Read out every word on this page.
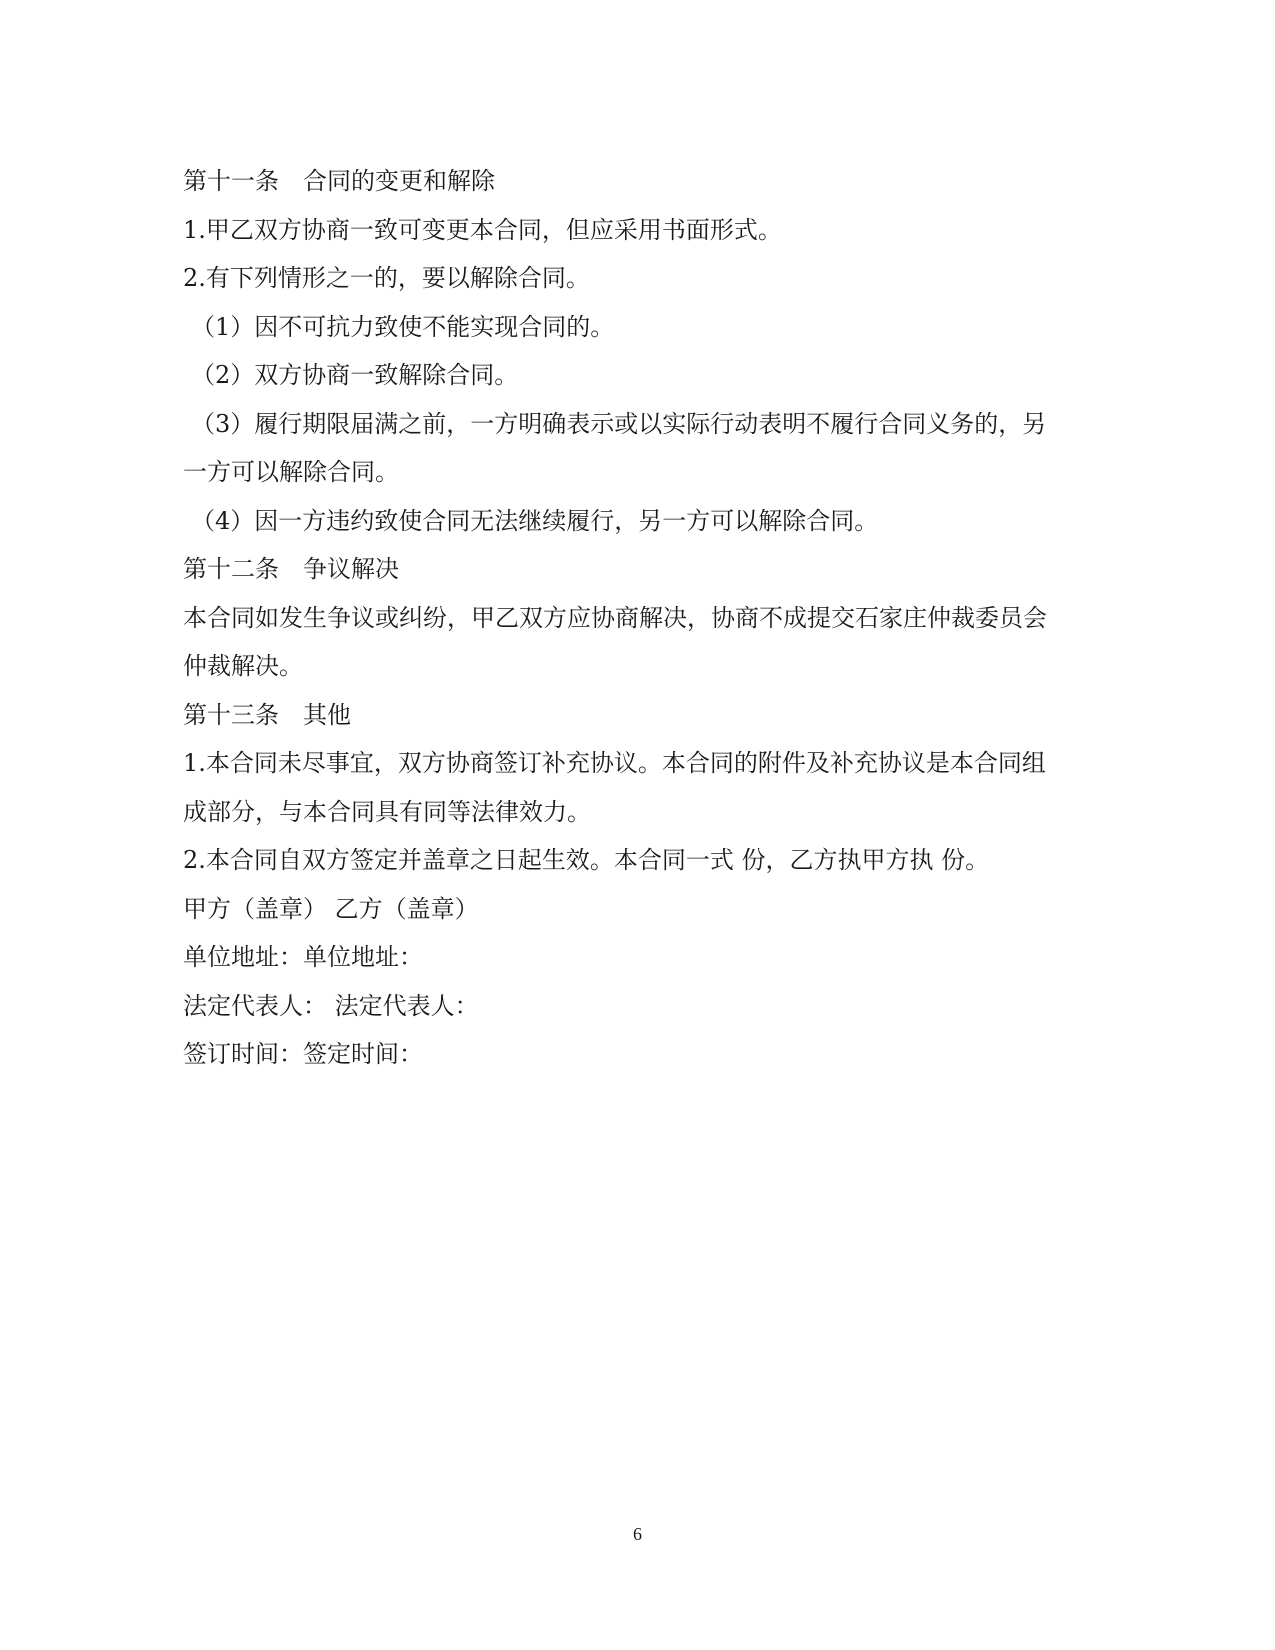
第十一条　合同的变更和解除
1.甲乙双方协商一致可变更本合同，但应采用书面形式。
2.有下列情形之一的，要以解除合同。
（1）因不可抗力致使不能实现合同的。
（2）双方协商一致解除合同。
（3）履行期限届满之前，一方明确表示或以实际行动表明不履行合同义务的，另
一方可以解除合同。
（4）因一方违约致使合同无法继续履行，另一方可以解除合同。
第十二条　争议解决
本合同如发生争议或纠纷，甲乙双方应协商解决，协商不成提交石家庄仲裁委员会
仲裁解决。
第十三条　其他
1.本合同未尽事宜，双方协商签订补充协议。本合同的附件及补充协议是本合同组
成部分，与本合同具有同等法律效力。
2.本合同自双方签定并盖章之日起生效。本合同一式 份，乙方执甲方执 份。
甲方（盖章） 乙方（盖章）
单位地址：单位地址：
法定代表人： 法定代表人：
签订时间：签定时间：
6
